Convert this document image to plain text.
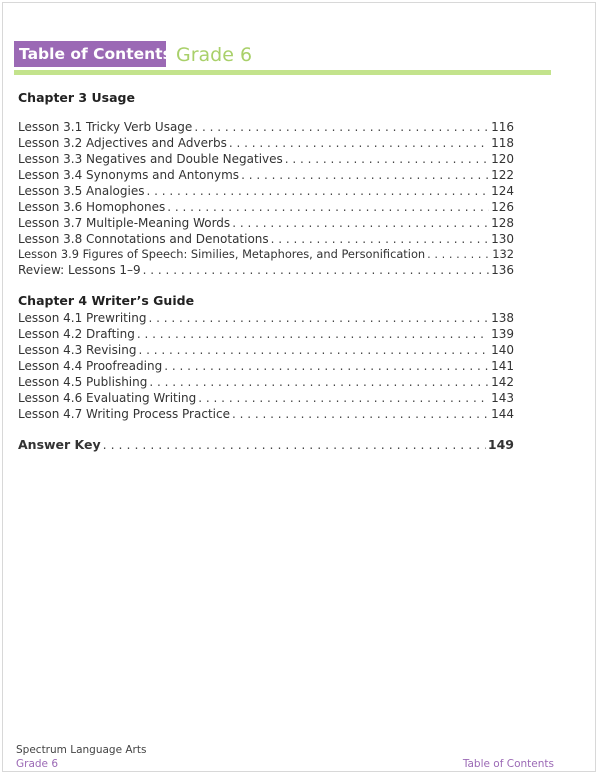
Table of Contents Grade 6
Chapter 3 Usage
Lesson 3.1 Tricky Verb Usage . . .	116
Lesson 3.2 Adjectives and Adverbs . . .	118
Lesson 3.3 Negatives and Double Negatives . . .	120
Lesson 3.4 Synonyms and Antonyms . . .	122
Lesson 3.5 Analogies . . .	124
Lesson 3.6 Homophones . . .	126
Lesson 3.7 Multiple-Meaning Words . . .	128
Lesson 3.8 Connotations and Denotations . . .	130
Lesson 3.9 Figures of Speech: Similies, Metaphores, and Personification . . .	132
Review: Lessons 1–9 . . .	136
Chapter 4 Writer’s Guide
Lesson 4.1 Prewriting . . .	138
Lesson 4.2 Drafting . . .	139
Lesson 4.3 Revising . . .	140
Lesson 4.4 Proofreading . . .	141
Lesson 4.5 Publishing . . .	142
Lesson 4.6 Evaluating Writing . . .	143
Lesson 4.7 Writing Process Practice . . .	144
Answer Key . . .	149
Spectrum Language Arts
Grade 6	Table of Contents
